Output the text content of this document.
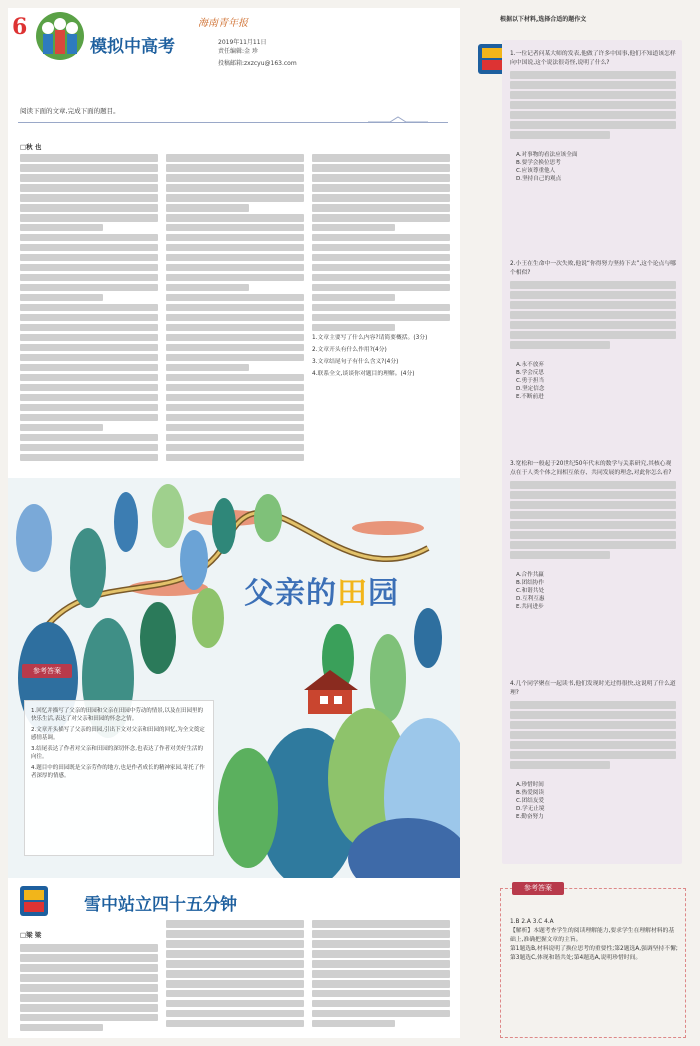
6
模拟中高考
海南青年报
2019年11月11日
责任编辑:金 珍
投稿邮箱:zxzcyu@163.com
阅读下面的文章,完成下面的题目。
□秋 也
1.文章主要写了什么内容?请简要概括。(3分)
2.文章开头有什么作用?(4分)
3.文章结尾句子有什么含义?(4分)
4.联系全文,谈谈你对题目的理解。(4分)
父亲的田园
参考答案
1.回忆并描写了父亲的田园和父亲在田园中劳动的情景,以及在田园里的快乐生活,表达了对父亲和田园的怀念之情。
2.文章开头描写了父亲的田园,引出下文对父亲和田园的回忆,为全文奠定感情基调。
3.结尾表达了作者对父亲和田园的深切怀念,也表达了作者对美好生活的向往。
4.题目中的田园既是父亲劳作的地方,也是作者成长的精神家园,寄托了作者深厚的情感。
雪中站立四十五分钟
□梁 梁
根据以下材料,选择合适的题作文
1.一位记者问某大师的发表,他做了许多中国事,他们不知道该怎样向中国说,这个说法很奇怪,说明了什么?
A.对事物的看法应该全面
B.要学会换位思考
C.应该尊重他人
D.坚持自己的观点
2.小王在生命中一次失败,他说“你得努力坚持下去”,这个论点与哪个相似?
A.永不放弃
B.学会反思
C.勇于担当
D.坚定信念
E.不断前进
3.宽松和一般起于20世纪50年代末的数学与关系研究,其核心观点在于人类个体之间相互依存、共同发展的理念,对此你怎么看?
A.合作共赢
B.团结协作
C.和谐共处
D.互利互惠
E.共同进步
4.几个同学聚在一起读书,他们发现时光过得很快,这说明了什么道理?
A.珍惜时间
B.热爱阅读
C.团结友爱
D.学无止境
E.勤奋努力
参考答案
1.B 2.A 3.C 4.A
【解析】本题考查学生的阅读理解能力,要求学生在理解材料的基础上,准确把握文章的主旨。
第1题选B,材料说明了换位思考的重要性;第2题选A,强调坚持不懈;第3题选C,体现和谐共处;第4题选A,说明珍惜时间。
